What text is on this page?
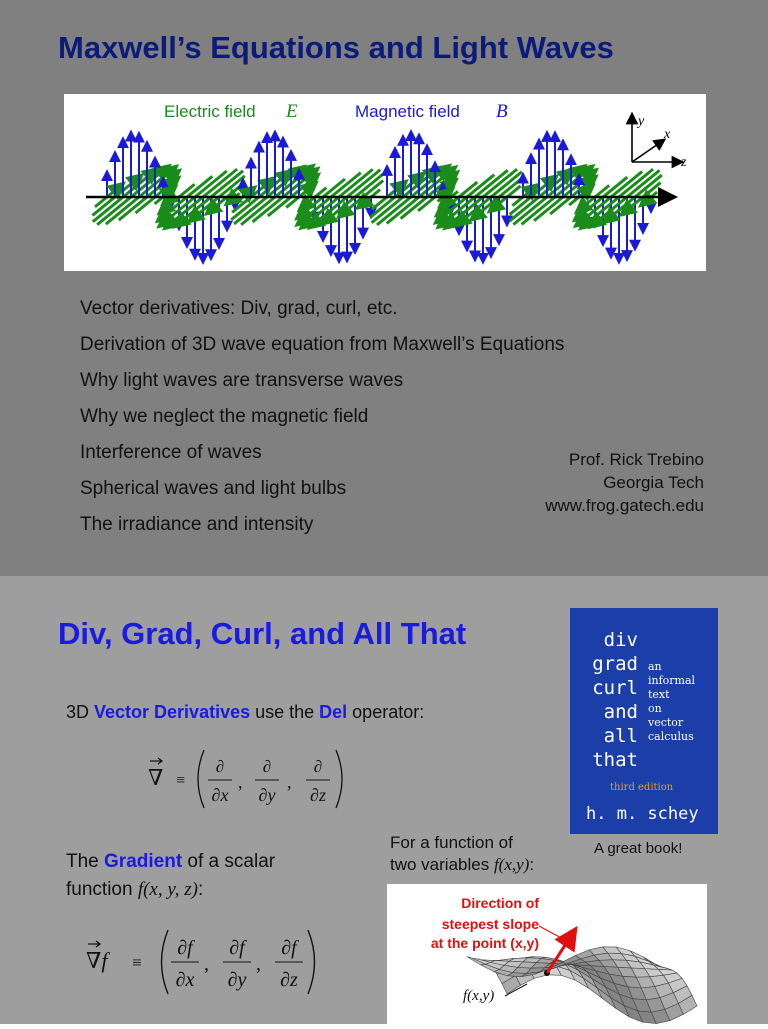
Maxwell’s Equations and Light Waves
Electric field E	Magnetic field B	y
x
z
Vector derivatives: Div, grad, curl, etc.
Derivation of 3D wave equation from Maxwell’s Equations
Why light waves are transverse waves
Why we neglect the magnetic field
Interference of waves
Spherical waves and light bulbs
The irradiance and intensity
Prof. Rick Trebino
Georgia Tech
www.frog.gatech.edu
Div, Grad, Curl, and All That	div
grad
curl
and
all
that
an
informal
text
on
vector
calculus
third edition
h. m. schey
A great book!
3D Vector Derivatives use the Del operator:
∇ ≡
∂
∂x
,
∂
∂y
,
∂
∂z
The Gradient of a scalar
function f(x, y, z):
∇f ≡
∂f
∂x
,
∂f
∂y
,
∂f
∂z
For a function of
two variables f(x,y):
Direction of
steepest slope
at the point (x,y)
f(x,y)
